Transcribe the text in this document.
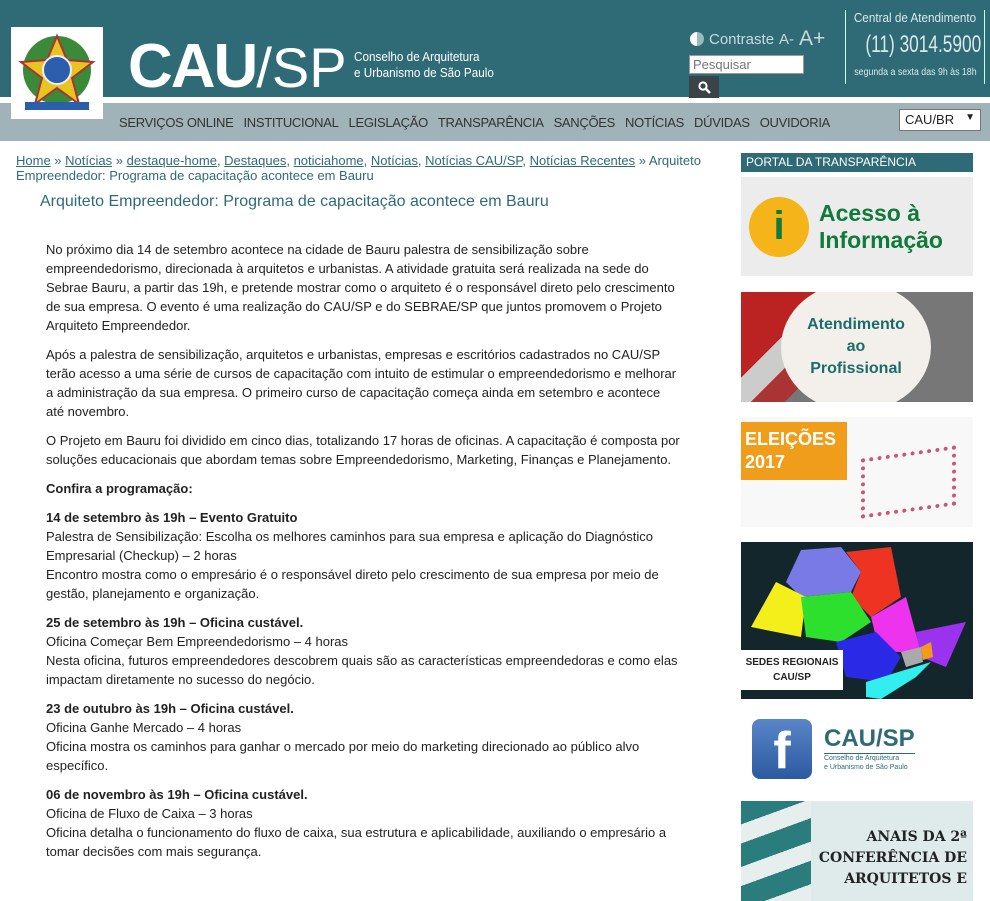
CAU/SP Conselho de Arquitetura
e Urbanismo de São Paulo
Contraste A- A+
Pesquisar
Central de Atendimento
(11) 3014.5900
segunda a sexta das 9h às 18h
SERVIÇOS ONLINE INSTITUCIONAL LEGISLAÇÃO TRANSPARÊNCIA SANÇÕES NOTÍCIAS DÚVIDAS OUVIDORIA	CAU/BR ▼
Home » Notícias » destaque-home, Destaques, noticiahome, Notícias, Notícias CAU/SP, Notícias Recentes » Arquiteto Empreendedor: Programa de capacitação acontece em Bauru
Arquiteto Empreendedor: Programa de capacitação acontece em Bauru

No próximo dia 14 de setembro acontece na cidade de Bauru palestra de sensibilização sobre empreendedorismo, direcionada à arquitetos e urbanistas. A atividade gratuita será realizada na sede do Sebrae Bauru, a partir das 19h, e pretende mostrar como o arquiteto é o responsável direto pelo crescimento de sua empresa. O evento é uma realização do CAU/SP e do SEBRAE/SP que juntos promovem o Projeto Arquiteto Empreendedor.

Após a palestra de sensibilização, arquitetos e urbanistas, empresas e escritórios cadastrados no CAU/SP terão acesso a uma série de cursos de capacitação com intuito de estimular o empreendedorismo e melhorar a administração da sua empresa. O primeiro curso de capacitação começa ainda em setembro e acontece até novembro.

O Projeto em Bauru foi dividido em cinco dias, totalizando 17 horas de oficinas. A capacitação é composta por soluções educacionais que abordam temas sobre Empreendedorismo, Marketing, Finanças e Planejamento.

Confira a programação:

14 de setembro às 19h – Evento Gratuito
Palestra de Sensibilização: Escolha os melhores caminhos para sua empresa e aplicação do Diagnóstico Empresarial (Checkup) – 2 horas
Encontro mostra como o empresário é o responsável direto pelo crescimento de sua empresa por meio de gestão, planejamento e organização.

25 de setembro às 19h – Oficina custável.
Oficina Começar Bem Empreendedorismo – 4 horas
Nesta oficina, futuros empreendedores descobrem quais são as características empreendedoras e como elas impactam diretamente no sucesso do negócio.

23 de outubro às 19h – Oficina custável.
Oficina Ganhe Mercado – 4 horas
Oficina mostra os caminhos para ganhar o mercado por meio do marketing direcionado ao público alvo específico.

06 de novembro às 19h – Oficina custável.
Oficina de Fluxo de Caixa – 3 horas
Oficina detalha o funcionamento do fluxo de caixa, sua estrutura e aplicabilidade, auxiliando o empresário a tomar decisões com mais segurança.

PORTAL DA TRANSPARÊNCIA
i	Acesso à
Informação
Atendimento
ao
Profissional
ELEIÇÕES
2017
SEDES REGIONAIS
CAU/SP
f	CAU/SP
Conselho de Arquitetura
e Urbanismo de São Paulo
ANAIS DA 2ª
CONFERÊNCIA DE
ARQUITETOS E
